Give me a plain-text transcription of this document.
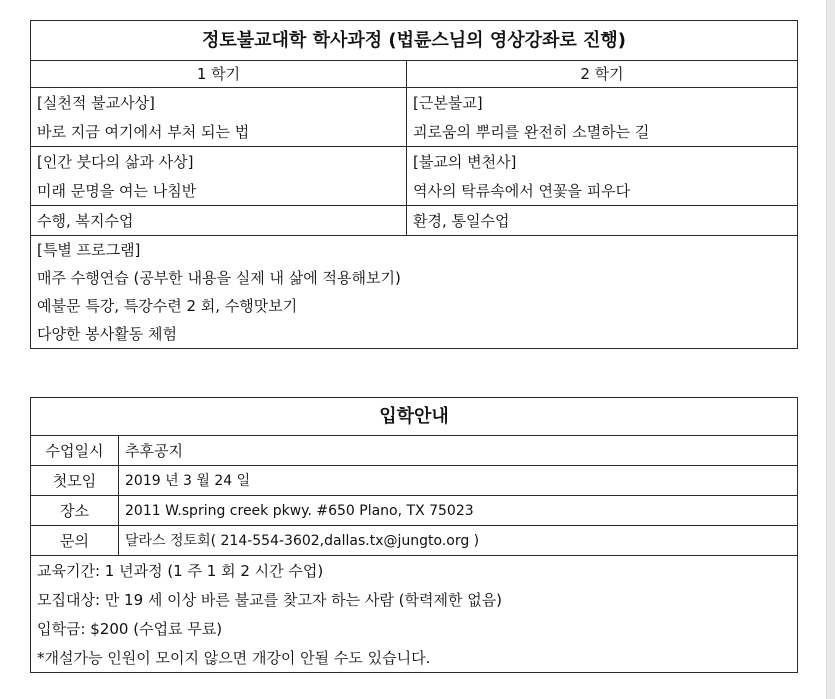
정토불교대학 학사과정 (법륜스님의 영상강좌로 진행)	
1 학기	2 학기
[실천적 불교사상]	[근본불교]
바로 지금 여기에서 부처 되는 법	괴로움의 뿌리를 완전히 소멸하는 길
[인간 붓다의 삶과 사상]	[불교의 변천사]
미래 문명을 여는 나침반	역사의 탁류속에서 연꽃을 피우다
수행, 복지수업	환경, 통일수업
[특별 프로그램]	
매주 수행연습 (공부한 내용을 실제 내 삶에 적용해보기)	
예불문 특강, 특강수련 2 회, 수행맛보기	
다양한 봉사활동 체험	
입학안내	
수업일시	추후공지
첫모임	2019 년 3 월 24 일
장소	2011 W.spring creek pkwy. #650 Plano, TX 75023
문의	달라스 정토회( 214-554-3602,dallas.tx@jungto.org )
교육기간: 1 년과정 (1 주 1 회 2 시간 수업)	
모집대상: 만 19 세 이상 바른 불교를 찾고자 하는 사람 (학력제한 없음)	
입학금: $200 (수업료 무료)	
*개설가능 인원이 모이지 않으면 개강이 안될 수도 있습니다.	
